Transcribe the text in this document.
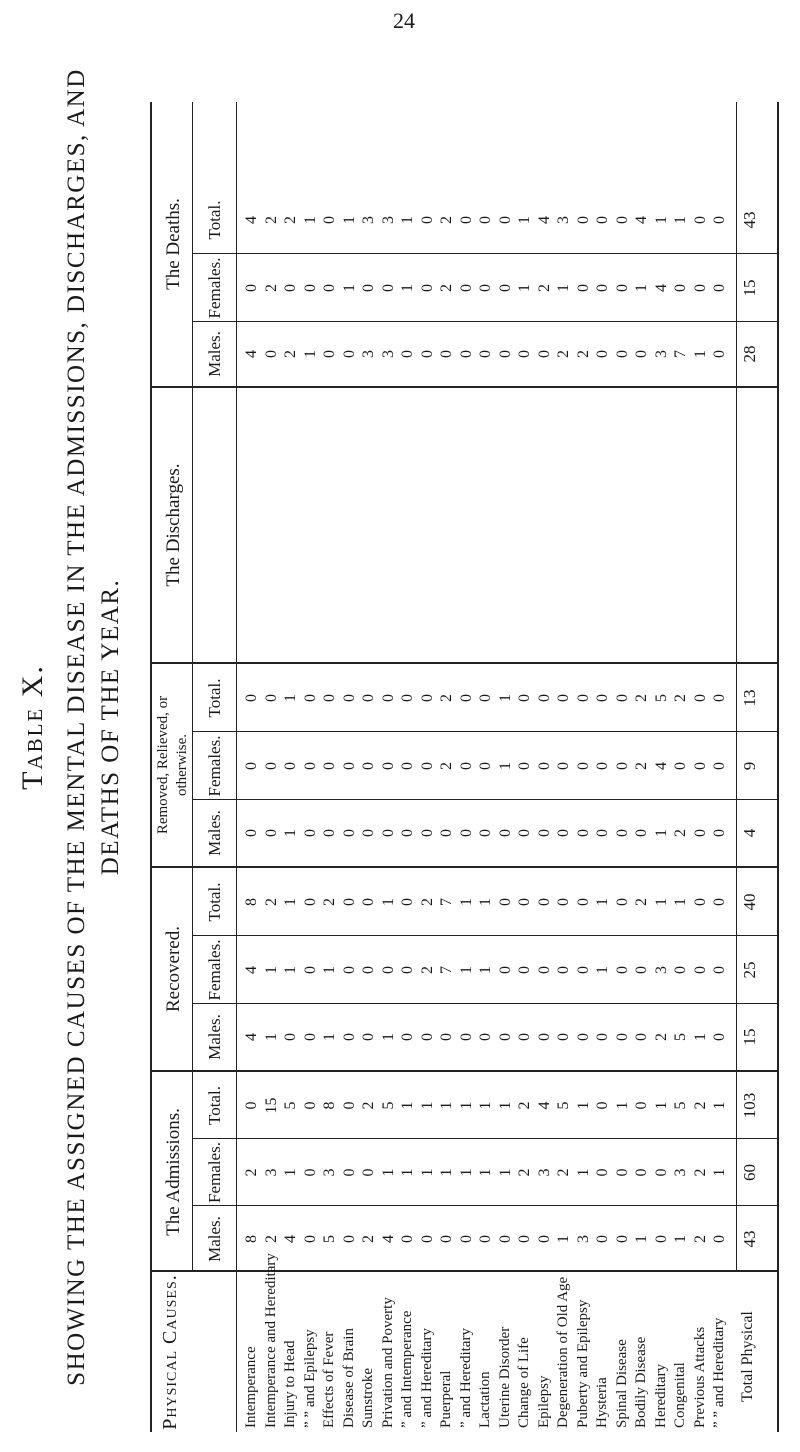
Table X. SHOWING THE ASSIGNED CAUSES OF THE MENTAL DISEASE IN THE ADMISSIONS, DISCHARGES, AND DEATHS OF THE YEAR.
Physical Causes.
The Admissions.
Recovered.
Removed, Relieved, or otherwise.
The Discharges.
The Deaths.
Males.
Females.
Total.
Males.
Females.
Total.
Males.
Females.
Total.
Males.
Females.
Total.
Intemperance Intemperance and Hereditary Injury to Head ” ” and Epilepsy Effects of Fever Disease of Brain Sunstroke Privation and Poverty ” and Intemperance ” and Hereditary Puerperal ” and Hereditary Lactation Uterine Disorder Change of Life Epilepsy Degeneration of Old Age Puberty and Epilepsy Hysteria Spinal Disease Bodily Disease Hereditary Congenital Previous Attacks ” ” and Hereditary Total Physical
8 2 4 0 5 0 2 4 0 0 0 0 0 0 0 0 1 3 0 0 1 0 1 2 0
2 3 1 0 3 0 0 1 1 1 1 1 1 1 2 3 2 1 0 0 0 0 3 2 1
0 15 5 0 8 0 2 5 1 1 1 1 1 1 2 4 5 1 0 1 0 1 5 2 1
4 1 0 0 1 0 0 1 0 0 0 0 0 0 0 0 0 0 0 0 0 2 5 1 0
4 1 1 0 1 0 0 0 0 2 7 1 1 0 0 0 0 0 1 0 0 3 0 0 0
8 2 1 0 2 0 0 1 0 2 7 1 1 0 0 0 0 0 1 0 2 1 1 0 0
0 0 1 0 0 0 0 0 0 0 0 0 0 0 0 0 0 0 0 0 0 1 2 0 0
0 0 0 0 0 0 0 0 0 0 2 0 0 1 0 0 0 0 0 0 2 4 0 0 0
0 0 1 0 0 0 0 0 0 0 2 0 0 1 0 0 0 0 0 0 2 5 2 0 0
4 0 2 1 0 0 3 3 0 0 0 0 0 0 0 0 2 2 0 0 0 3 7 1 0
0 2 0 0 0 1 0 0 1 0 2 0 0 0 1 2 1 0 0 0 1 4 0 0 0
4 2 2 1 0 1 3 3 1 0 2 0 0 0 1 4 3 0 0 0 4 1 1 0 0
43
60
103
15
25
40
4
9
13
28
15
43
24
